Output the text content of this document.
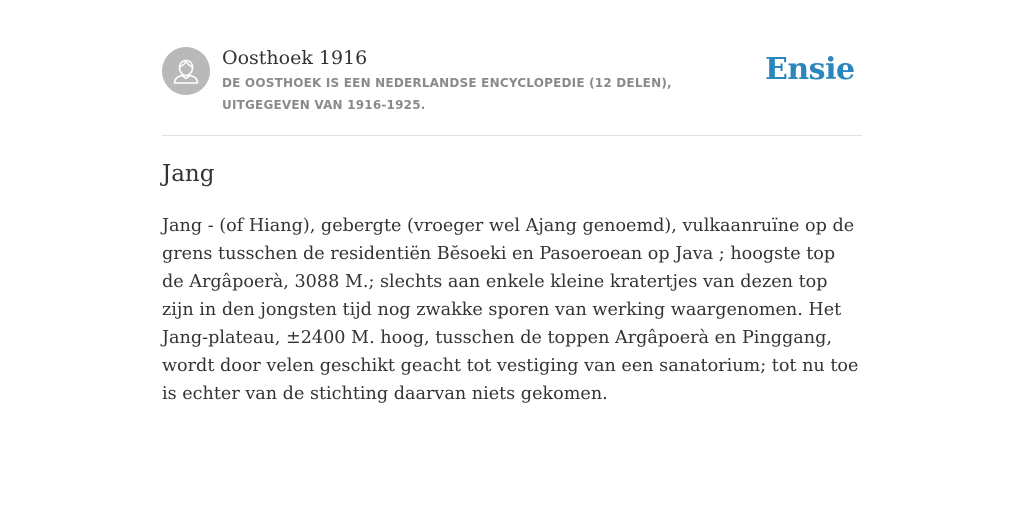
Oosthoek 1916
DE OOSTHOEK IS EEN NEDERLANDSE ENCYCLOPEDIE (12 DELEN), UITGEGEVEN VAN 1916-1925.
Ensie
Jang

Jang - (of Hiang), gebergte (vroeger wel Ajang genoemd), vulkaanruïne op de grens tusschen de residentiën Bĕsoeki en Pasoeroean op Java ; hoogste top de Argâpoerà, 3088 M.; slechts aan enkele kleine kratertjes van dezen top zijn in den jongsten tijd nog zwakke sporen van werking waargenomen. Het Jang-plateau, ±2400 M. hoog, tusschen de toppen Argâpoerà en Pinggang, wordt door velen geschikt geacht tot vestiging van een sanatorium; tot nu toe is echter van de stichting daarvan niets gekomen.
